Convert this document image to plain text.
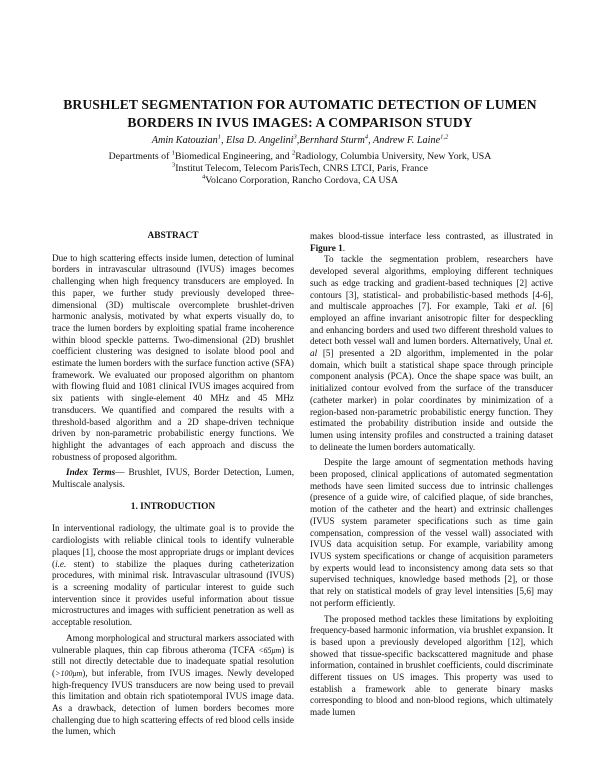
BRUSHLET SEGMENTATION FOR AUTOMATIC DETECTION OF LUMEN
BORDERS IN IVUS IMAGES: A COMPARISON STUDY
Amin Katouzian$^1$, Elsa D. Angelini$^3$,Bernhard Sturm$^4$, Andrew F. Laine$^{1,2}$
Departments of $^1$Biomedical Engineering, and $^2$Radiology, Columbia University, New York, USA
$^3$Institut Telecom, Telecom ParisTech, CNRS LTCI, Paris, France
$^4$Volcano Corporation, Rancho Cordova, CA USA
ABSTRACT

Due to high scattering effects inside lumen, detection of luminal borders in intravascular ultrasound (IVUS) images becomes challenging when high frequency transducers are employed. In this paper, we further study previously developed three-dimensional (3D) multiscale overcomplete brushlet-driven harmonic analysis, motivated by what experts visually do, to trace the lumen borders by exploiting spatial frame incoherence within blood speckle patterns. Two-dimensional (2D) brushlet coefficient clustering was designed to isolate blood pool and estimate the lumen borders with the surface function active (SFA) framework. We evaluated our proposed algorithm on phantom with flowing fluid and 1081 clinical IVUS images acquired from six patients with single-element 40 MHz and 45 MHz transducers. We quantified and compared the results with a threshold-based algorithm and a 2D shape-driven technique driven by non-parametric probabilistic energy functions. We highlight the advantages of each approach and discuss the robustness of proposed algorithm.

Index Terms— Brushlet, IVUS, Border Detection, Lumen, Multiscale analysis.

1. INTRODUCTION

In interventional radiology, the ultimate goal is to provide the cardiologists with reliable clinical tools to identify vulnerable plaques [1], choose the most appropriate drugs or implant devices (i.e. stent) to stabilize the plaques during catheterization procedures, with minimal risk. Intravascular ultrasound (IVUS) is a screening modality of particular interest to guide such intervention since it provides useful information about tissue microstructures and images with sufficient penetration as well as acceptable resolution.

Among morphological and structural markers associated with vulnerable plaques, thin cap fibrous atheroma (TCFA <65μm) is still not directly detectable due to inadequate spatial resolution (>100μm), but inferable, from IVUS images. Newly developed high-frequency IVUS transducers are now being used to prevail this limitation and obtain rich spatiotemporal IVUS image data. As a drawback, detection of lumen borders becomes more challenging due to high scattering effects of red blood cells inside the lumen, which

makes blood-tissue interface less contrasted, as illustrated in Figure 1.

To tackle the segmentation problem, researchers have developed several algorithms, employing different techniques such as edge tracking and gradient-based techniques [2] active contours [3], statistical- and probabilistic-based methods [4-6], and multiscale approaches [7]. For example, Taki et al. [6] employed an affine invariant anisotropic filter for despeckling and enhancing borders and used two different threshold values to detect both vessel wall and lumen borders. Alternatively, Unal et. al [5] presented a 2D algorithm, implemented in the polar domain, which built a statistical shape space through principle component analysis (PCA). Once the shape space was built, an initialized contour evolved from the surface of the transducer (catheter marker) in polar coordinates by minimization of a region-based non-parametric probabilistic energy function. They estimated the probability distribution inside and outside the lumen using intensity profiles and constructed a training dataset to delineate the lumen borders automatically.

Despite the large amount of segmentation methods having been proposed, clinical applications of automated segmentation methods have seen limited success due to intrinsic challenges (presence of a guide wire, of calcified plaque, of side branches, motion of the catheter and the heart) and extrinsic challenges (IVUS system parameter specifications such as time gain compensation, compression of the vessel wall) associated with IVUS data acquisition setup. For example, variability among IVUS system specifications or change of acquisition parameters by experts would lead to inconsistency among data sets so that supervised techniques, knowledge based methods [2], or those that rely on statistical models of gray level intensities [5,6] may not perform efficiently.

The proposed method tackles these limitations by exploiting frequency-based harmonic information, via brushlet expansion. It is based upon a previously developed algorithm [12], which showed that tissue-specific backscattered magnitude and phase information, contained in brushlet coefficients, could discriminate different tissues on US images. This property was used to establish a framework able to generate binary masks corresponding to blood and non-blood regions, which ultimately made lumen
